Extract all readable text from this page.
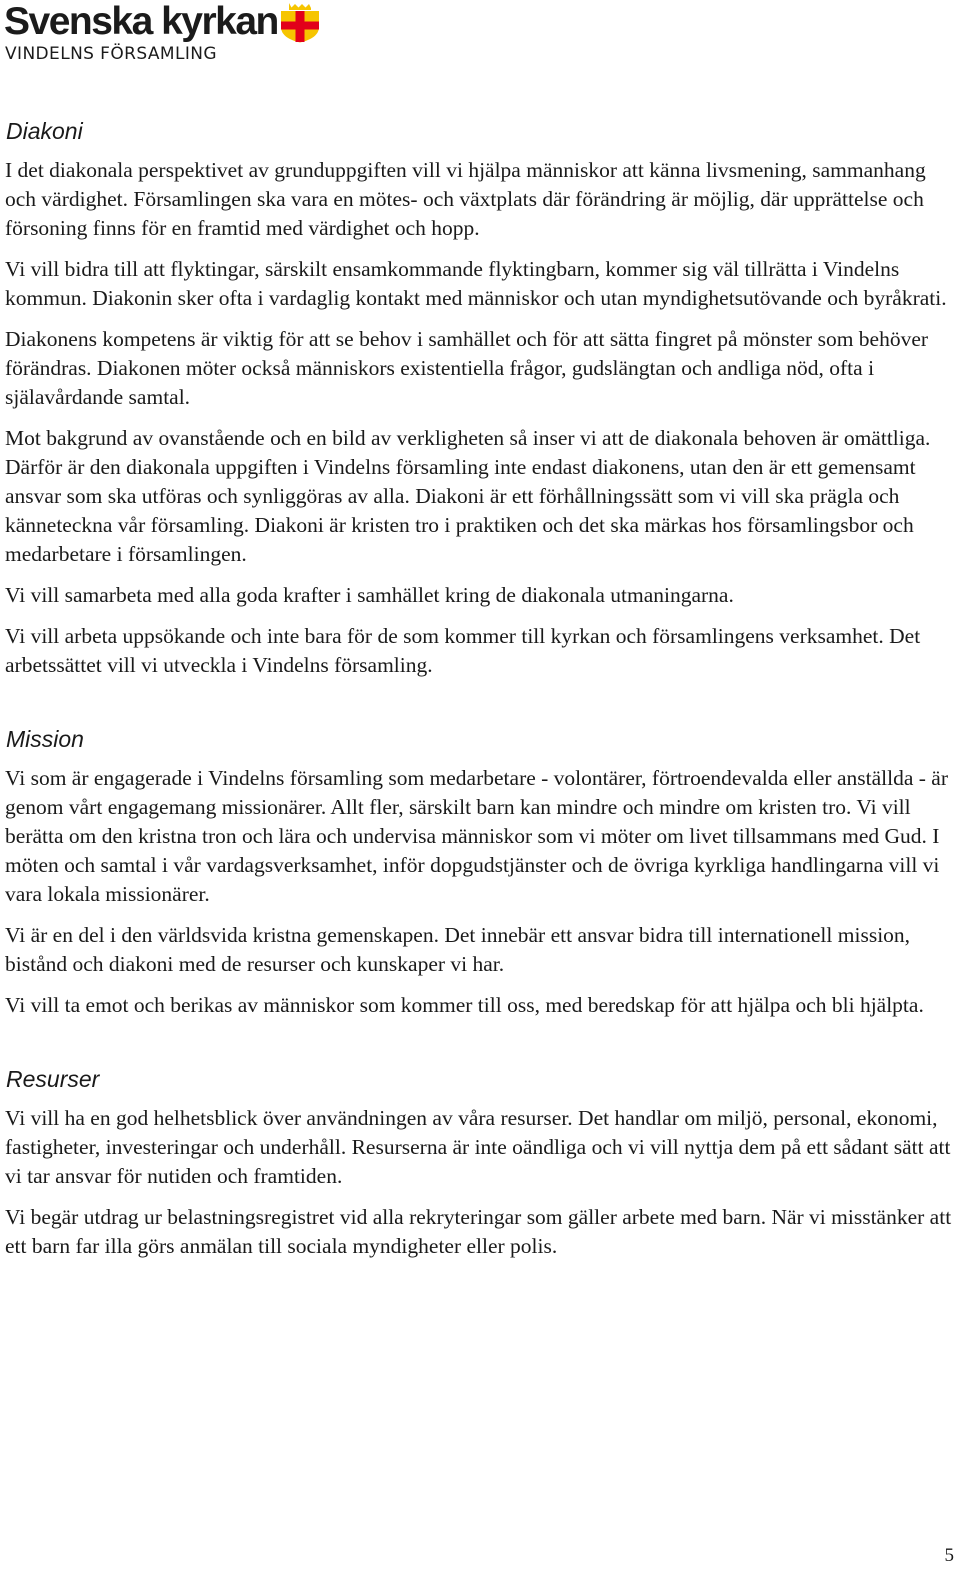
Svenska kyrkan
VINDELNS FÖRSAMLING
Diakoni

I det diakonala perspektivet av grunduppgiften vill vi hjälpa människor att känna livsmening, sammanhang och värdighet. Församlingen ska vara en mötes- och växtplats där förändring är möjlig, där upprättelse och försoning finns för en framtid med värdighet och hopp.

Vi vill bidra till att flyktingar, särskilt ensamkommande flyktingbarn, kommer sig väl tillrätta i Vindelns kommun. Diakonin sker ofta i vardaglig kontakt med människor och utan myndighetsutövande och byråkrati.

Diakonens kompetens är viktig för att se behov i samhället och för att sätta fingret på mönster som behöver förändras. Diakonen möter också människors existentiella frågor, gudslängtan och andliga nöd, ofta i själavårdande samtal.

Mot bakgrund av ovanstående och en bild av verkligheten så inser vi att de diakonala behoven är omättliga. Därför är den diakonala uppgiften i Vindelns församling inte endast diakonens, utan den är ett gemensamt ansvar som ska utföras och synliggöras av alla. Diakoni är ett förhållningssätt som vi vill ska prägla och känneteckna vår församling. Diakoni är kristen tro i praktiken och det ska märkas hos församlingsbor och medarbetare i församlingen.

Vi vill samarbeta med alla goda krafter i samhället kring de diakonala utmaningarna.

Vi vill arbeta uppsökande och inte bara för de som kommer till kyrkan och församlingens verksamhet. Det arbetssättet vill vi utveckla i Vindelns församling.

Mission

Vi som är engagerade i Vindelns församling som medarbetare - volontärer, förtroendevalda eller anställda - är genom vårt engagemang missionärer. Allt fler, särskilt barn kan mindre och mindre om kristen tro. Vi vill berätta om den kristna tron och lära och undervisa människor som vi möter om livet tillsammans med Gud. I möten och samtal i vår vardagsverksamhet, inför dopgudstjänster och de övriga kyrkliga handlingarna vill vi vara lokala missionärer.

Vi är en del i den världsvida kristna gemenskapen. Det innebär ett ansvar bidra till internationell mission, bistånd och diakoni med de resurser och kunskaper vi har.

Vi vill ta emot och berikas av människor som kommer till oss, med beredskap för att hjälpa och bli hjälpta.

Resurser

Vi vill ha en god helhetsblick över användningen av våra resurser. Det handlar om miljö, personal, ekonomi, fastigheter, investeringar och underhåll. Resurserna är inte oändliga och vi vill nyttja dem på ett sådant sätt att vi tar ansvar för nutiden och framtiden.

Vi begär utdrag ur belastningsregistret vid alla rekryteringar som gäller arbete med barn. När vi misstänker att ett barn far illa görs anmälan till sociala myndigheter eller polis.

5
